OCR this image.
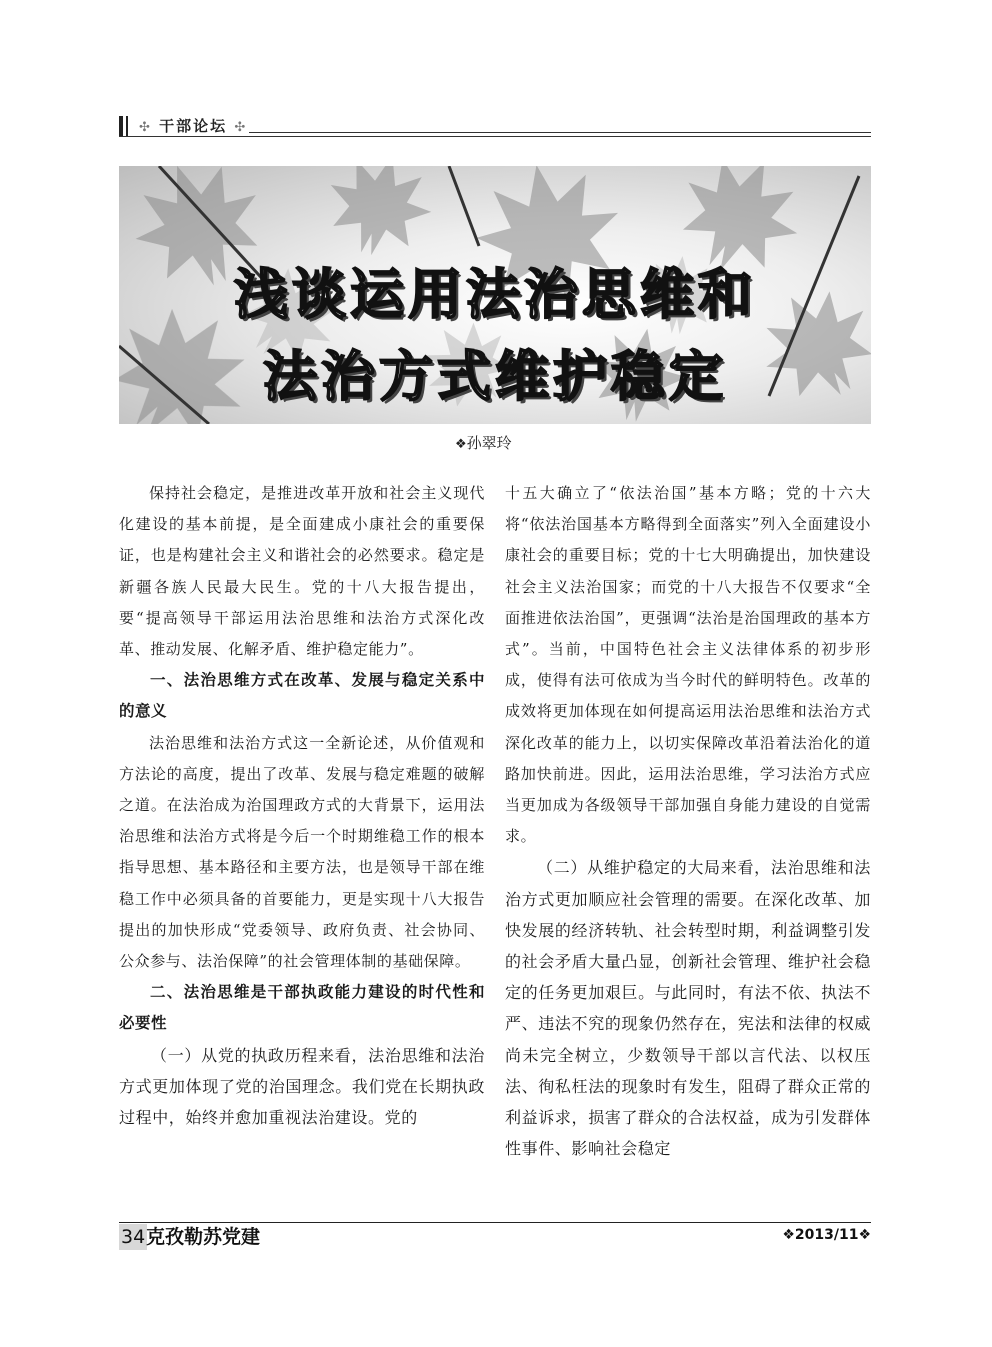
✣ 干部论坛 ✣
浅谈运用法治思维和
法治方式维护稳定
❖孙翠玲

保持社会稳定，是推进改革开放和社会主义现代化建设的基本前提，是全面建成小康社会的重要保证，也是构建社会主义和谐社会的必然要求。稳定是新疆各族人民最大民生。党的十八大报告提出，要“提高领导干部运用法治思维和法治方式深化改革、推动发展、化解矛盾、维护稳定能力”。

一、法治思维方式在改革、发展与稳定关系中的意义

法治思维和法治方式这一全新论述，从价值观和方法论的高度，提出了改革、发展与稳定难题的破解之道。在法治成为治国理政方式的大背景下，运用法治思维和法治方式将是今后一个时期维稳工作的根本指导思想、基本路径和主要方法，也是领导干部在维稳工作中必须具备的首要能力，更是实现十八大报告提出的加快形成“党委领导、政府负责、社会协同、公众参与、法治保障”的社会管理体制的基础保障。

二、法治思维是干部执政能力建设的时代性和必要性

（一）从党的执政历程来看，法治思维和法治方式更加体现了党的治国理念。我们党在长期执政过程中，始终并愈加重视法治建设。党的

十五大确立了“依法治国”基本方略；党的十六大将“依法治国基本方略得到全面落实”列入全面建设小康社会的重要目标；党的十七大明确提出，加快建设社会主义法治国家；而党的十八大报告不仅要求“全面推进依法治国”，更强调“法治是治国理政的基本方式”。当前，中国特色社会主义法律体系的初步形成，使得有法可依成为当今时代的鲜明特色。改革的成效将更加体现在如何提高运用法治思维和法治方式深化改革的能力上，以切实保障改革沿着法治化的道路加快前进。因此，运用法治思维，学习法治方式应当更加成为各级领导干部加强自身能力建设的自觉需求。

（二）从维护稳定的大局来看，法治思维和法治方式更加顺应社会管理的需要。在深化改革、加快发展的经济转轨、社会转型时期，利益调整引发的社会矛盾大量凸显，创新社会管理、维护社会稳定的任务更加艰巨。与此同时，有法不依、执法不严、违法不究的现象仍然存在，宪法和法律的权威尚未完全树立，少数领导干部以言代法、以权压法、徇私枉法的现象时有发生，阻碍了群众正常的利益诉求，损害了群众的合法权益，成为引发群体性事件、影响社会稳定

34 克孜勒苏党建	❖2013/11❖
